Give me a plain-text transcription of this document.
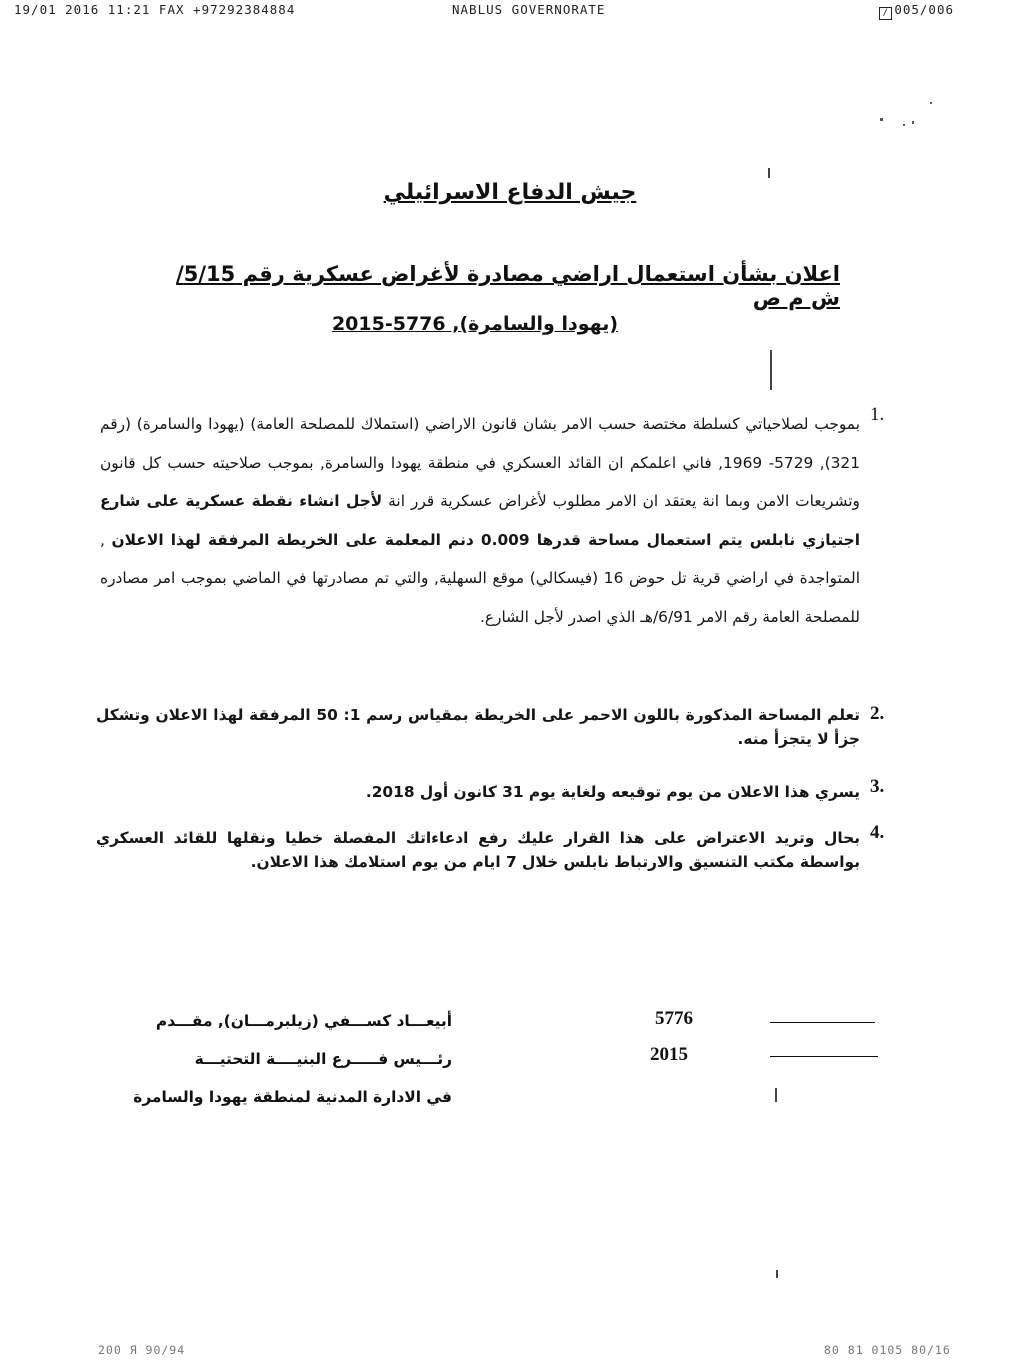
19/01 2016 11:21 FAX +97292384884	NABLUS GOVERNORATE	/ 005/006
جيش الدفاع الاسرائيلي
اعلان بشأن استعمال اراضي مصادرة لأغراض عسكرية رقم 5/15/ ش م ص
(يهودا والسامرة), 5776-2015
1.
بموجب لصلاحياتي كسلطة مختصة حسب الامر بشان قانون الاراضي (استملاك للمصلحة العامة) (يهودا والسامرة) (رقم 321), 5729- 1969, فاني اعلمكم ان القائد العسكري في منطقة يهودا والسامرة, بموجب صلاحيته حسب كل قانون وتشريعات الامن وبما انة يعتقد ان الامر مطلوب لأغراض عسكرية قرر انة لأجل انشاء نقطة عسكرية على شارع اجتيازي نابلس يتم استعمال مساحة قدرها 0.009 دنم المعلمة على الخريطة المرفقة لهذا الاعلان , المتواجدة في اراضي قرية تل حوض 16 (فيسكالي) موقع السهلية, والتي تم مصادرتها في الماضي بموجب امر مصادره للمصلحة العامة رقم الامر 6/91/هـ الذي اصدر لأجل الشارع.
2.
تعلم المساحة المذكورة باللون الاحمر على الخريطة بمقياس رسم 1: 50 المرفقة لهذا الاعلان وتشكل جزأ لا يتجزأ منه.
3.
يسري هذا الاعلان من يوم توقيعه ولغاية يوم 31 كانون أول 2018.
4.
بحال وتريد الاعتراض على هذا القرار عليك رفع ادعاءاتك المفصلة خطيا ونقلها للقائد العسكري بواسطة مكتب التنسيق والارتباط نابلس خلال 7 ايام من يوم استلامك هذا الاعلان.
أبيعـــاد كســـفي (زيلبرمـــان), مقـــدم
رئـــيس فـــــرع البنيــــة التحتيـــة
في الادارة المدنية لمنطقة يهودا والسامرة
5776
2015
200 Я 90/94	80 81 0105 80/16
